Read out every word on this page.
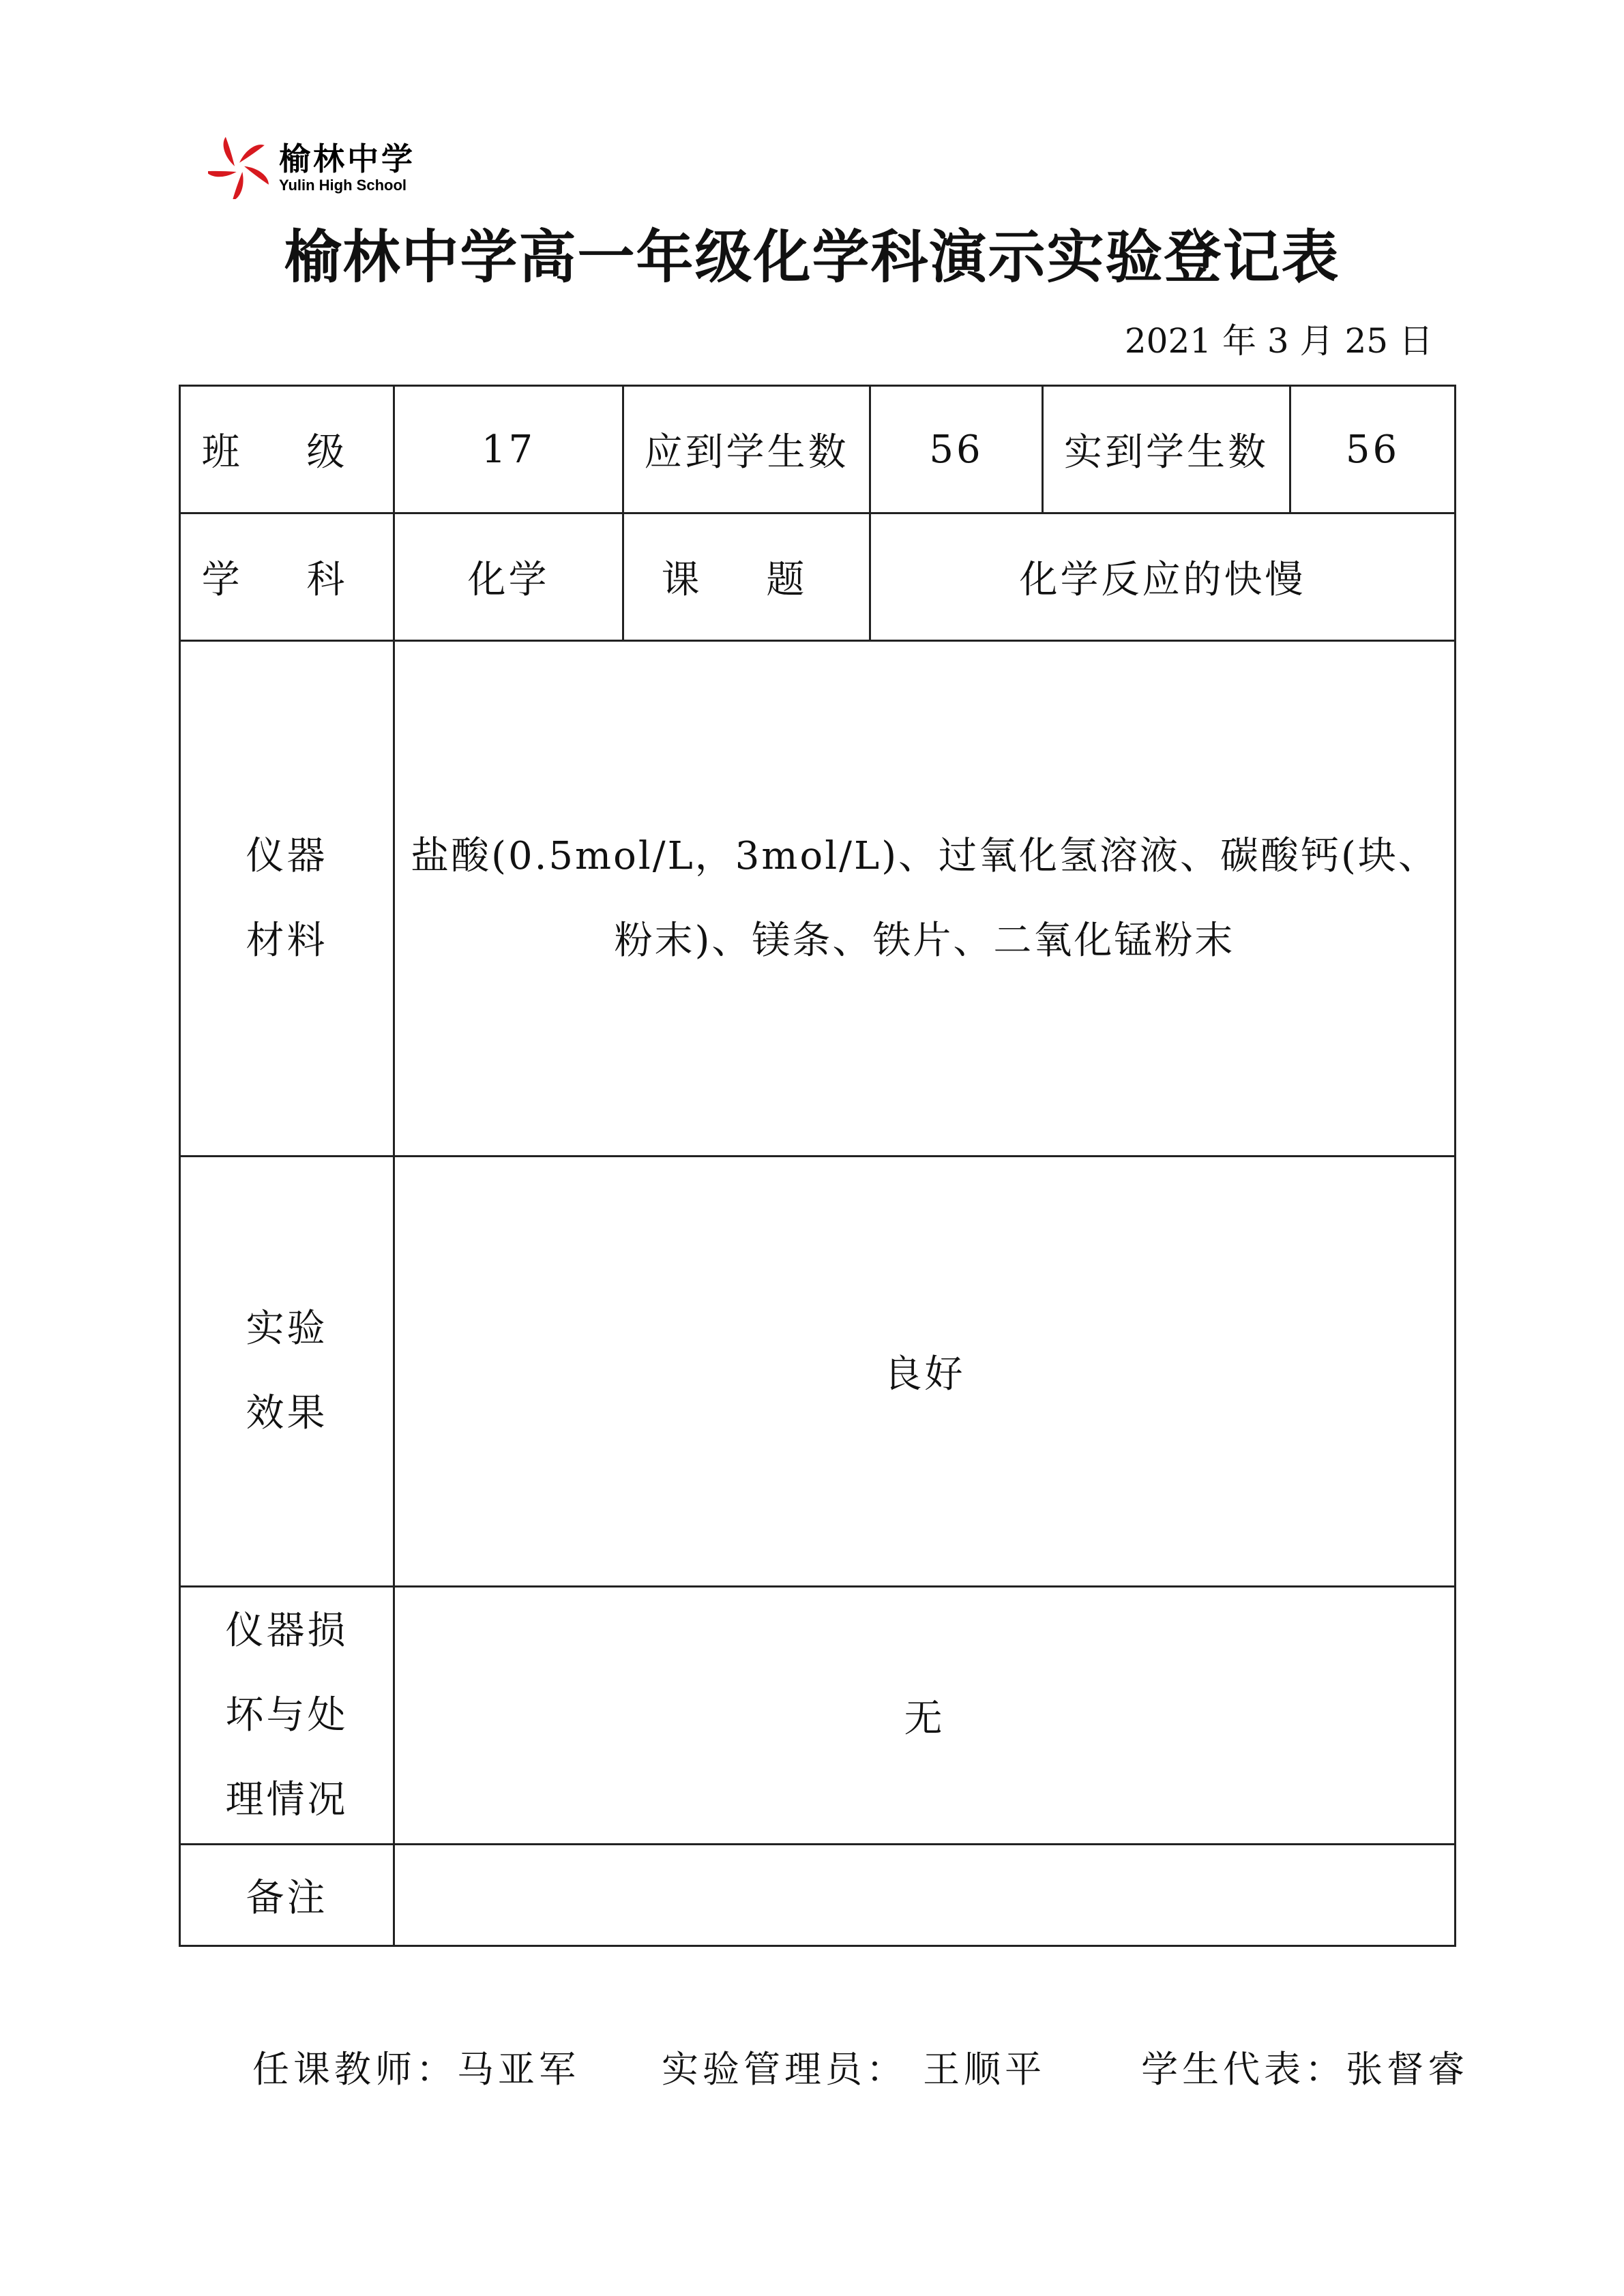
榆林中学
Yulin High School
榆林中学高一年级化学科演示实验登记表
2021 年 3 月 25 日
班 级	17	应到学生数	56	实到学生数	56
学 科	化学	课 题	化学反应的快慢		

仪器
材料	盐酸(0.5mol/L，3mol/L)、过氧化氢溶液、碳酸钙(块、粉末)、镁条、铁片、二氧化锰粉末				

实验
效果	良好				

仪器损
坏与处
理情况	无				
备注					
任课教师：马亚军 实验管理员： 王顺平	学生代表：张督睿
